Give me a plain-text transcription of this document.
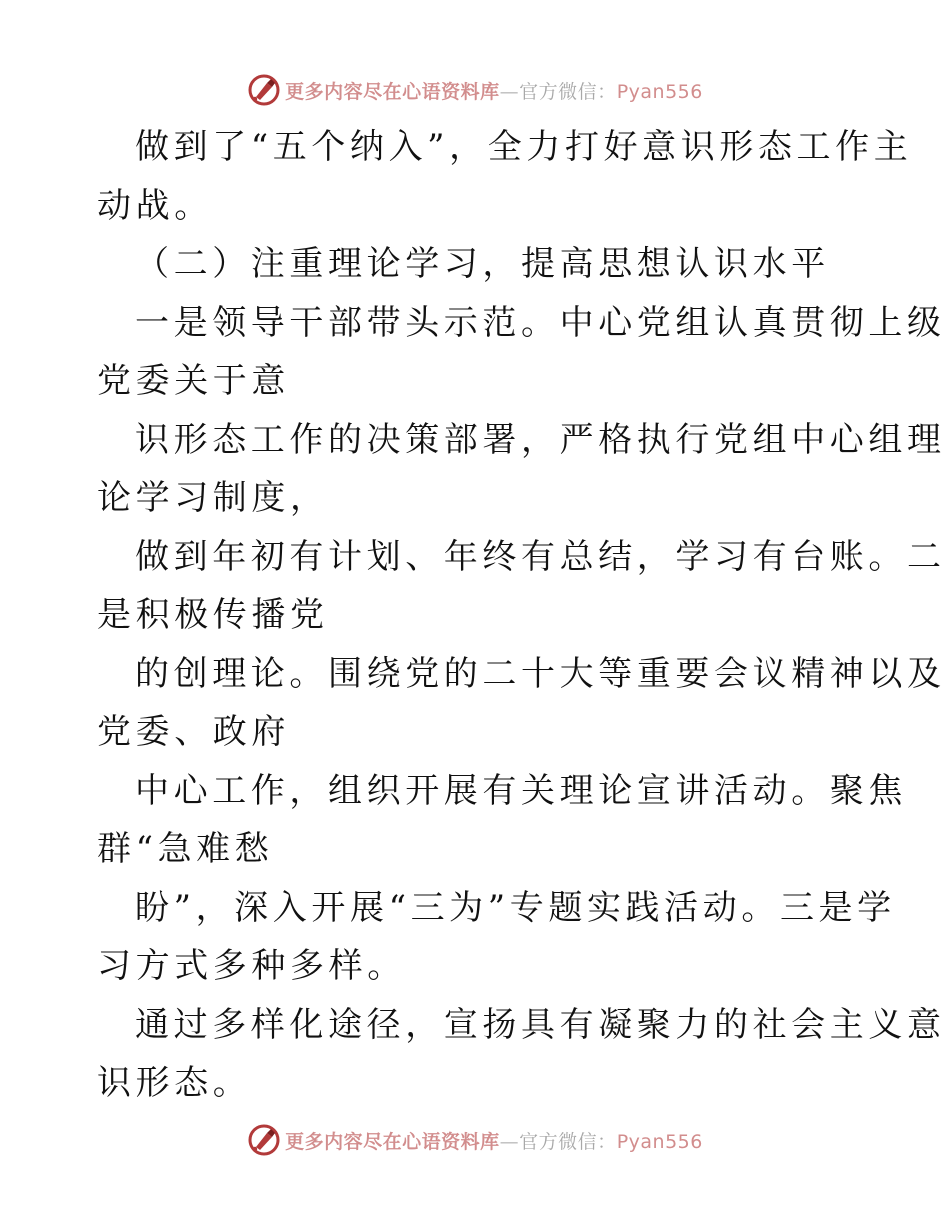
更多内容尽在心语资料库—官方微信：Pyan556

做到了“五个纳入”，全力打好意识形态工作主
动战。

（二）注重理论学习，提高思想认识水平

一是领导干部带头示范。中心党组认真贯彻上级
党委关于意

识形态工作的决策部署，严格执行党组中心组理
论学习制度，

做到年初有计划、年终有总结，学习有台账。二
是积极传播党

的创理论。围绕党的二十大等重要会议精神以及
党委、政府

中心工作，组织开展有关理论宣讲活动。聚焦
群“急难愁

盼”，深入开展“三为”专题实践活动。三是学
习方式多种多样。

通过多样化途径，宣扬具有凝聚力的社会主义意
识形态。

更多内容尽在心语资料库—官方微信：Pyan556
